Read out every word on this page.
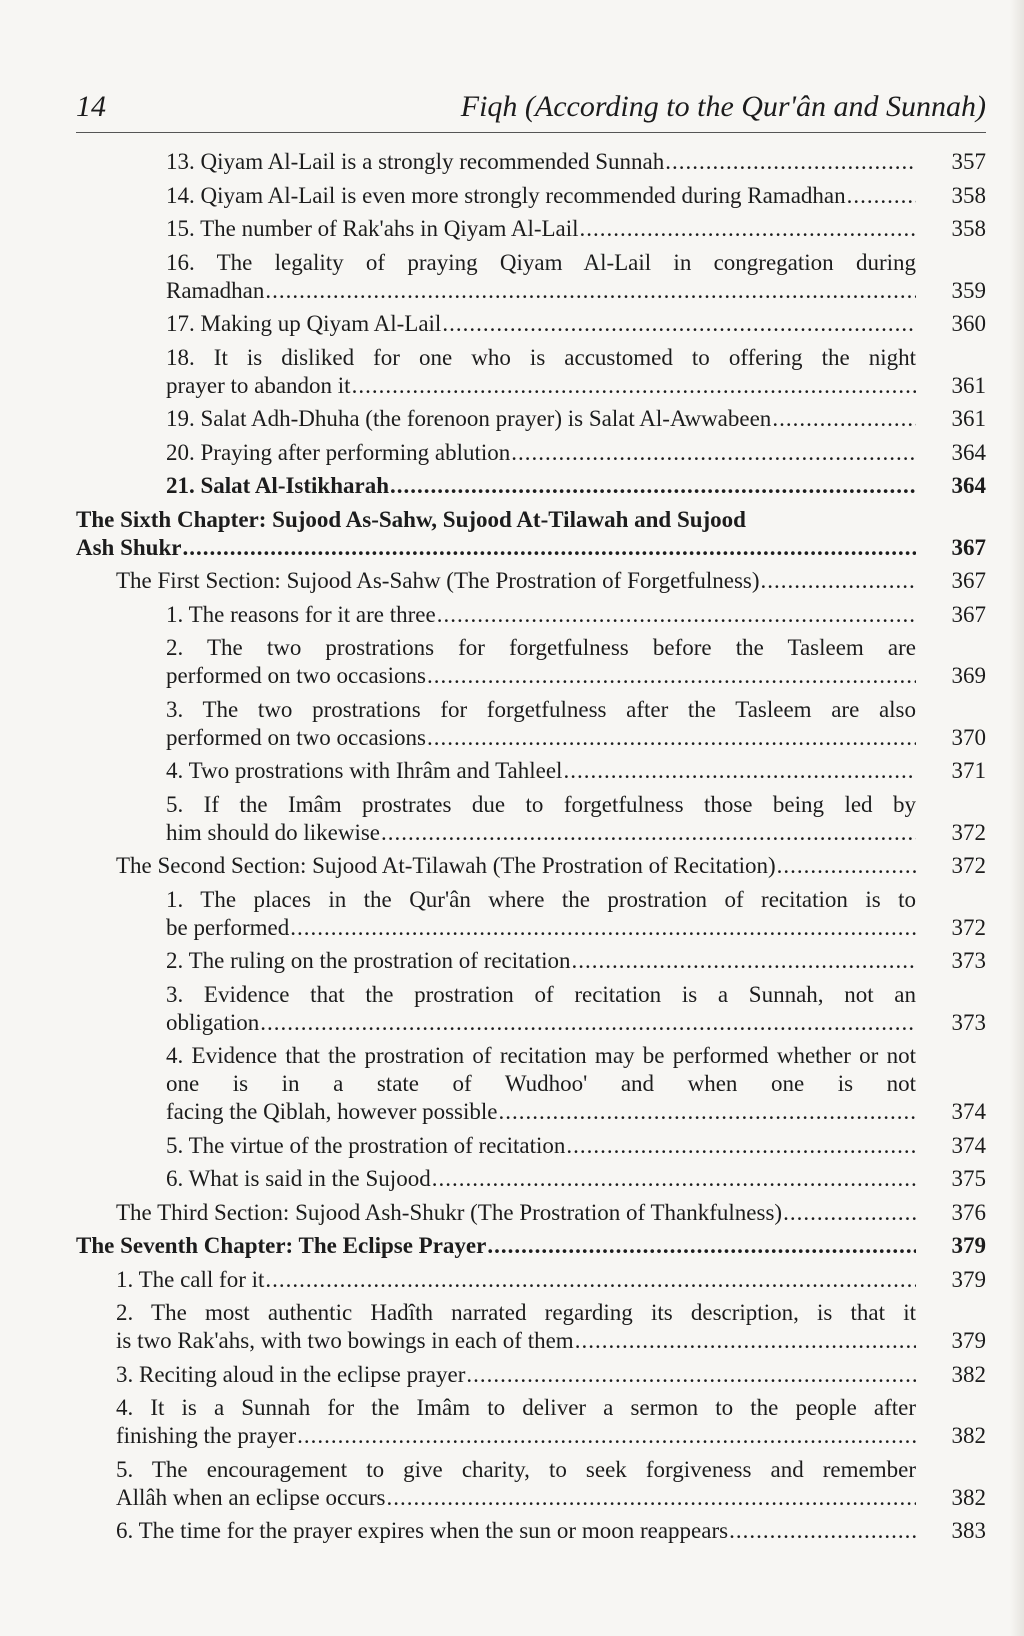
14	Fiqh (According to the Qur'ân and Sunnah)
13. Qiyam Al-Lail is a strongly recommended Sunnah .....	357
14. Qiyam Al-Lail is even more strongly recommended during Ramadhan .....	358
15. The number of Rak'ahs in Qiyam Al-Lail .....	358
16. The legality of praying Qiyam Al-Lail in congregation during
Ramadhan .....	359
17. Making up Qiyam Al-Lail .....	360
18. It is disliked for one who is accustomed to offering the night
prayer to abandon it .....	361
19. Salat Adh-Dhuha (the forenoon prayer) is Salat Al-Awwabeen .....	361
20. Praying after performing ablution .....	364
21. Salat Al-Istikharah .....	364
The Sixth Chapter: Sujood As-Sahw, Sujood At-Tilawah and Sujood
Ash Shukr .....	367
The First Section: Sujood As-Sahw (The Prostration of Forgetfulness) .....	367
1. The reasons for it are three .....	367
2. The two prostrations for forgetfulness before the Tasleem are
performed on two occasions .....	369
3. The two prostrations for forgetfulness after the Tasleem are also
performed on two occasions .....	370
4. Two prostrations with Ihrâm and Tahleel .....	371
5. If the Imâm prostrates due to forgetfulness those being led by
him should do likewise .....	372
The Second Section: Sujood At-Tilawah (The Prostration of Recitation) .....	372
1. The places in the Qur'ân where the prostration of recitation is to
be performed .....	372
2. The ruling on the prostration of recitation .....	373
3. Evidence that the prostration of recitation is a Sunnah, not an
obligation .....	373
4. Evidence that the prostration of recitation may be performed whether or not one is in a state of Wudhoo' and when one is not
facing the Qiblah, however possible .....	374
5. The virtue of the prostration of recitation .....	374
6. What is said in the Sujood .....	375
The Third Section: Sujood Ash-Shukr (The Prostration of Thankfulness) .....	376
The Seventh Chapter: The Eclipse Prayer .....	379
1. The call for it .....	379
2. The most authentic Hadîth narrated regarding its description, is that it
is two Rak'ahs, with two bowings in each of them .....	379
3. Reciting aloud in the eclipse prayer .....	382
4. It is a Sunnah for the Imâm to deliver a sermon to the people after
finishing the prayer .....	382
5. The encouragement to give charity, to seek forgiveness and remember
Allâh when an eclipse occurs .....	382
6. The time for the prayer expires when the sun or moon reappears .....	383
